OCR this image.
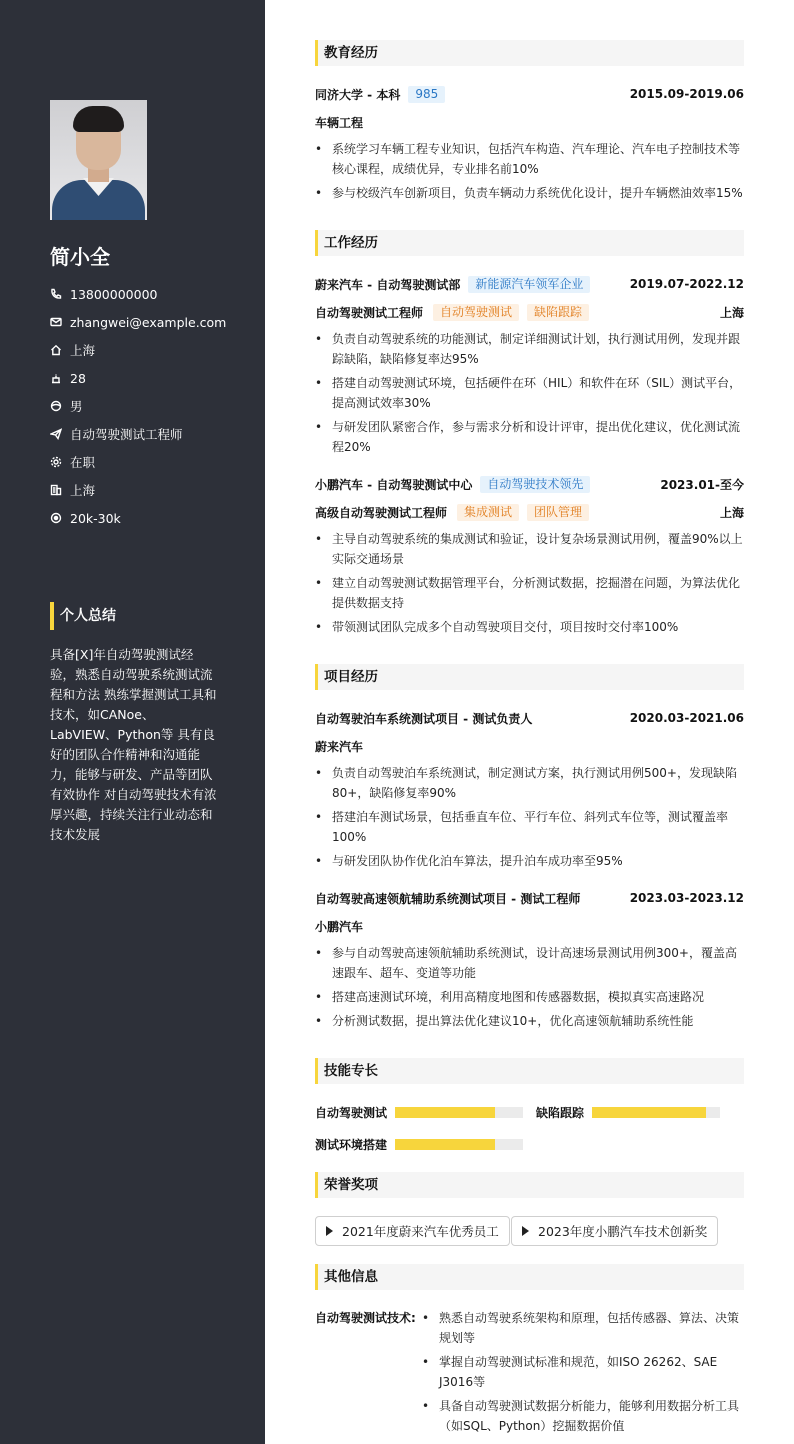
简小全
13800000000
zhangwei@example.com
上海
28
男
自动驾驶测试工程师
在职
上海
20k-30k
个人总结
具备[X]年自动驾驶测试经验，熟悉自动驾驶系统测试流程和方法 熟练掌握测试工具和技术，如CANoe、LabVIEW、Python等 具有良好的团队合作精神和沟通能力，能够与研发、产品等团队有效协作 对自动驾驶技术有浓厚兴趣，持续关注行业动态和技术发展
教育经历
同济大学 - 本科	985	2015.09-2019.06
车辆工程
• 系统学习车辆工程专业知识，包括汽车构造、汽车理论、汽车电子控制技术等核心课程，成绩优异，专业排名前10%
• 参与校级汽车创新项目，负责车辆动力系统优化设计，提升车辆燃油效率15%
工作经历
蔚来汽车 - 自动驾驶测试部	新能源汽车领军企业	2019.07-2022.12
自动驾驶测试工程师	自动驾驶测试	缺陷跟踪	上海
• 负责自动驾驶系统的功能测试，制定详细测试计划，执行测试用例，发现并跟踪缺陷，缺陷修复率达95%
• 搭建自动驾驶测试环境，包括硬件在环（HIL）和软件在环（SIL）测试平台，提高测试效率30%
• 与研发团队紧密合作，参与需求分析和设计评审，提出优化建议，优化测试流程20%
小鹏汽车 - 自动驾驶测试中心	自动驾驶技术领先	2023.01-至今
高级自动驾驶测试工程师	集成测试	团队管理	上海
• 主导自动驾驶系统的集成测试和验证，设计复杂场景测试用例，覆盖90%以上实际交通场景
• 建立自动驾驶测试数据管理平台，分析测试数据，挖掘潜在问题，为算法优化提供数据支持
• 带领测试团队完成多个自动驾驶项目交付，项目按时交付率100%
项目经历
自动驾驶泊车系统测试项目 - 测试负责人	2020.03-2021.06
蔚来汽车
• 负责自动驾驶泊车系统测试，制定测试方案，执行测试用例500+，发现缺陷80+，缺陷修复率90%
• 搭建泊车测试场景，包括垂直车位、平行车位、斜列式车位等，测试覆盖率100%
• 与研发团队协作优化泊车算法，提升泊车成功率至95%
自动驾驶高速领航辅助系统测试项目 - 测试工程师	2023.03-2023.12
小鹏汽车
• 参与自动驾驶高速领航辅助系统测试，设计高速场景测试用例300+，覆盖高速跟车、超车、变道等功能
• 搭建高速测试环境，利用高精度地图和传感器数据，模拟真实高速路况
• 分析测试数据，提出算法优化建议10+，优化高速领航辅助系统性能
技能专长
自动驾驶测试	缺陷跟踪
测试环境搭建
荣誉奖项
2021年度蔚来汽车优秀员工	2023年度小鹏汽车技术创新奖
其他信息
自动驾驶测试技术:
•	熟悉自动驾驶系统架构和原理，包括传感器、算法、决策规划等
• 掌握自动驾驶测试标准和规范，如ISO 26262、SAE J3016等
• 具备自动驾驶测试数据分析能力，能够利用数据分析工具（如SQL、Python）挖掘数据价值
